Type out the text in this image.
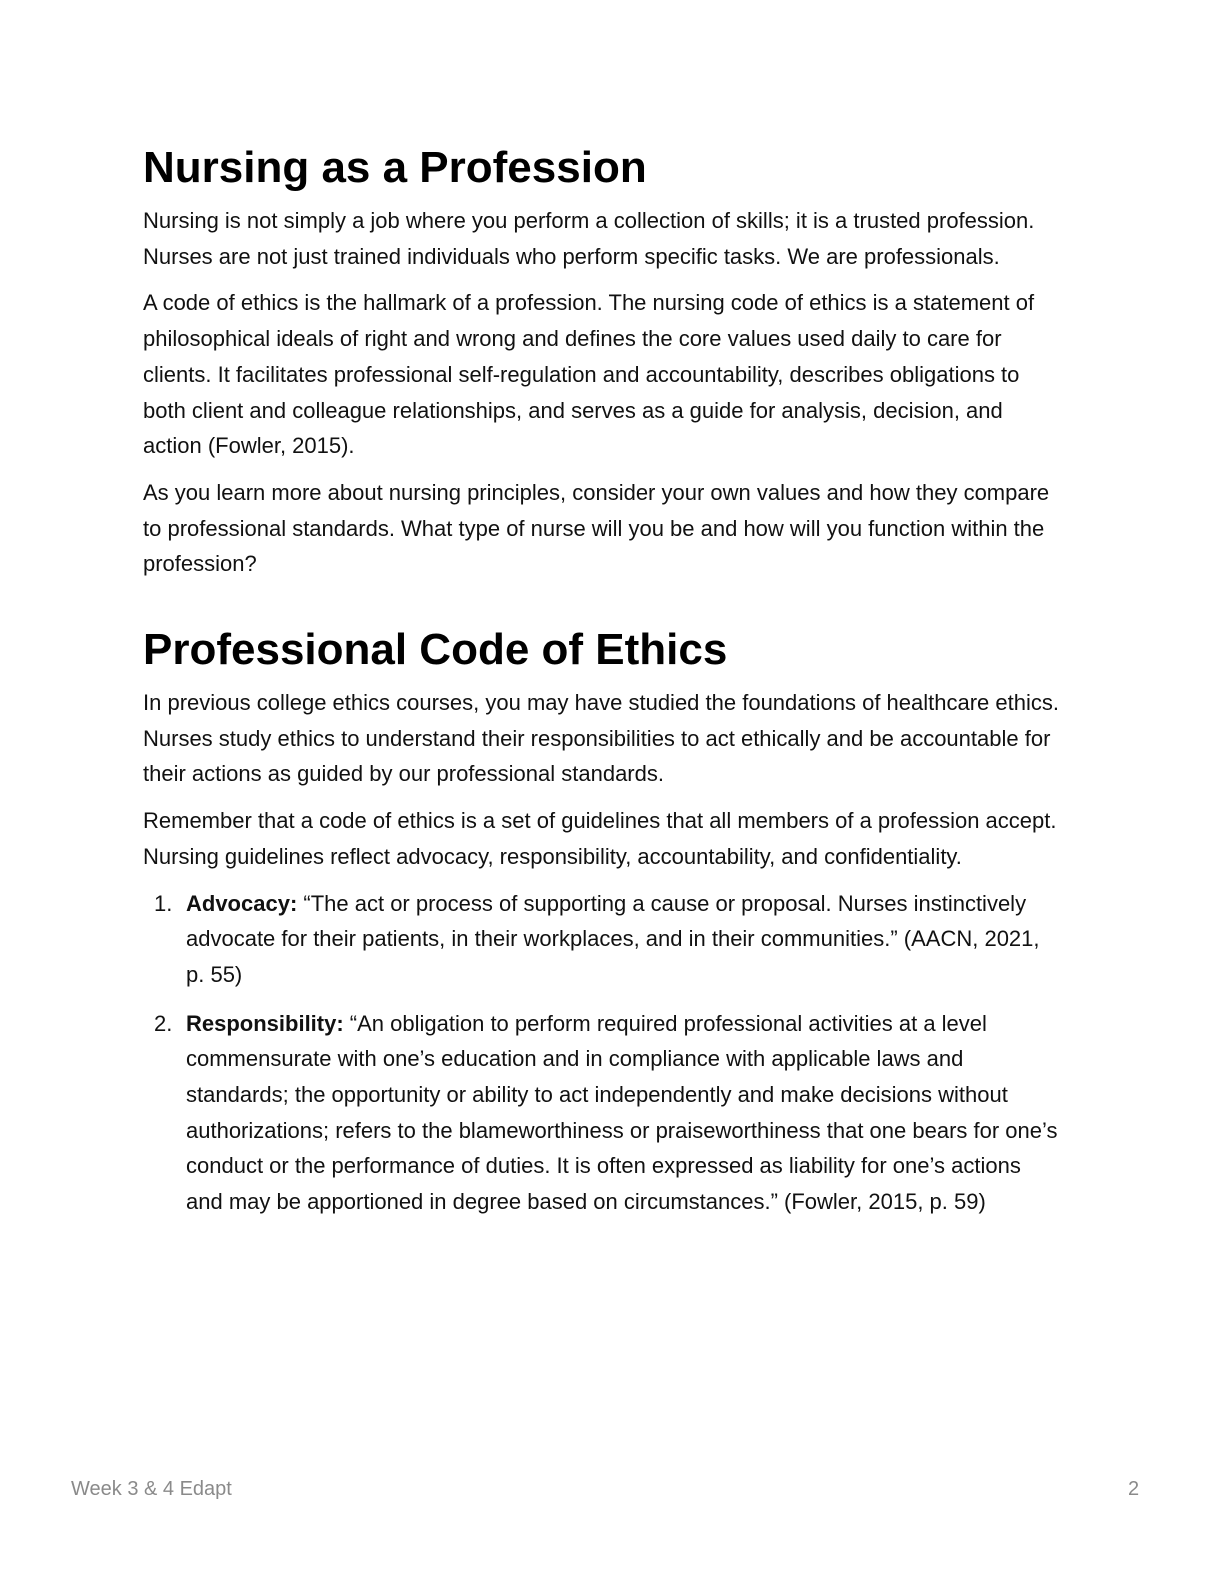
Nursing as a Profession

Nursing is not simply a job where you perform a collection of skills; it is a trusted profession. Nurses are not just trained individuals who perform specific tasks. We are professionals.

A code of ethics is the hallmark of a profession. The nursing code of ethics is a statement of philosophical ideals of right and wrong and defines the core values used daily to care for clients. It facilitates professional self-regulation and accountability, describes obligations to both client and colleague relationships, and serves as a guide for analysis, decision, and action (Fowler, 2015).

As you learn more about nursing principles, consider your own values and how they compare to professional standards. What type of nurse will you be and how will you function within the profession?

Professional Code of Ethics

In previous college ethics courses, you may have studied the foundations of healthcare ethics. Nurses study ethics to understand their responsibilities to act ethically and be accountable for their actions as guided by our professional standards.

Remember that a code of ethics is a set of guidelines that all members of a profession accept. Nursing guidelines reflect advocacy, responsibility, accountability, and confidentiality.

1. Advocacy: “The act or process of supporting a cause or proposal. Nurses instinctively advocate for their patients, in their workplaces, and in their communities.” (AACN, 2021, p. 55)
2. Responsibility: “An obligation to perform required professional activities at a level commensurate with one’s education and in compliance with applicable laws and standards; the opportunity or ability to act independently and make decisions without authorizations; refers to the blameworthiness or praiseworthiness that one bears for one’s conduct or the performance of duties. It is often expressed as liability for one’s actions and may be apportioned in degree based on circumstances.” (Fowler, 2015, p. 59)
Week 3 & 4 Edapt	2
